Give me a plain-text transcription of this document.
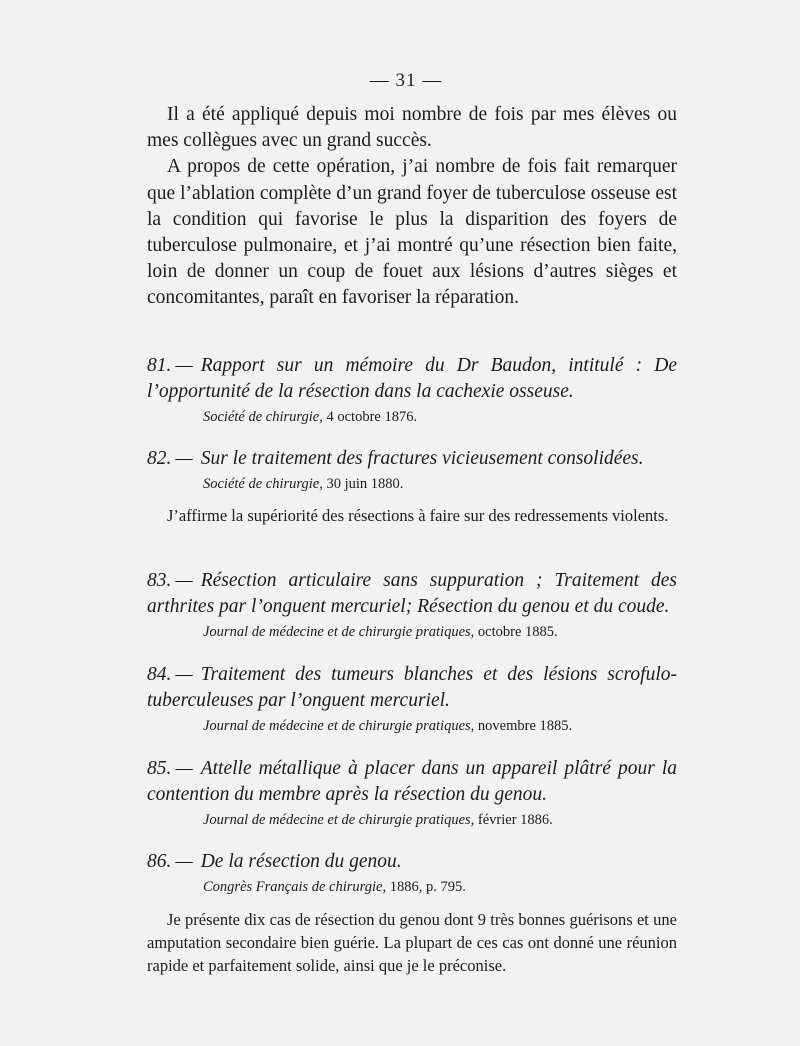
— 31 —

Il a été appliqué depuis moi nombre de fois par mes élèves ou mes collègues avec un grand succès.

A propos de cette opération, j’ai nombre de fois fait remarquer que l’ablation complète d’un grand foyer de tuberculose osseuse est la condition qui favorise le plus la disparition des foyers de tuberculose pulmonaire, et j’ai montré qu’une résection bien faite, loin de donner un coup de fouet aux lésions d’autres sièges et concomitantes, paraît en favoriser la réparation.

81. — Rapport sur un mémoire du Dr Baudon, intitulé : De l’opportunité de la résection dans la cachexie osseuse.
Société de chirurgie, 4 octobre 1876.
82. — Sur le traitement des fractures vicieusement consolidées.
Société de chirurgie, 30 juin 1880.

J’affirme la supériorité des résections à faire sur des redressements violents.

83. — Résection articulaire sans suppuration ; Traitement des arthrites par l’onguent mercuriel; Résection du genou et du coude.
Journal de médecine et de chirurgie pratiques, octobre 1885.
84. — Traitement des tumeurs blanches et des lésions scrofulo-tuberculeuses par l’onguent mercuriel.
Journal de médecine et de chirurgie pratiques, novembre 1885.
85. — Attelle métallique à placer dans un appareil plâtré pour la contention du membre après la résection du genou.
Journal de médecine et de chirurgie pratiques, février 1886.
86. — De la résection du genou.
Congrès Français de chirurgie, 1886, p. 795.

Je présente dix cas de résection du genou dont 9 très bonnes guérisons et une amputation secondaire bien guérie. La plupart de ces cas ont donné une réunion rapide et parfaitement solide, ainsi que je le préconise.
